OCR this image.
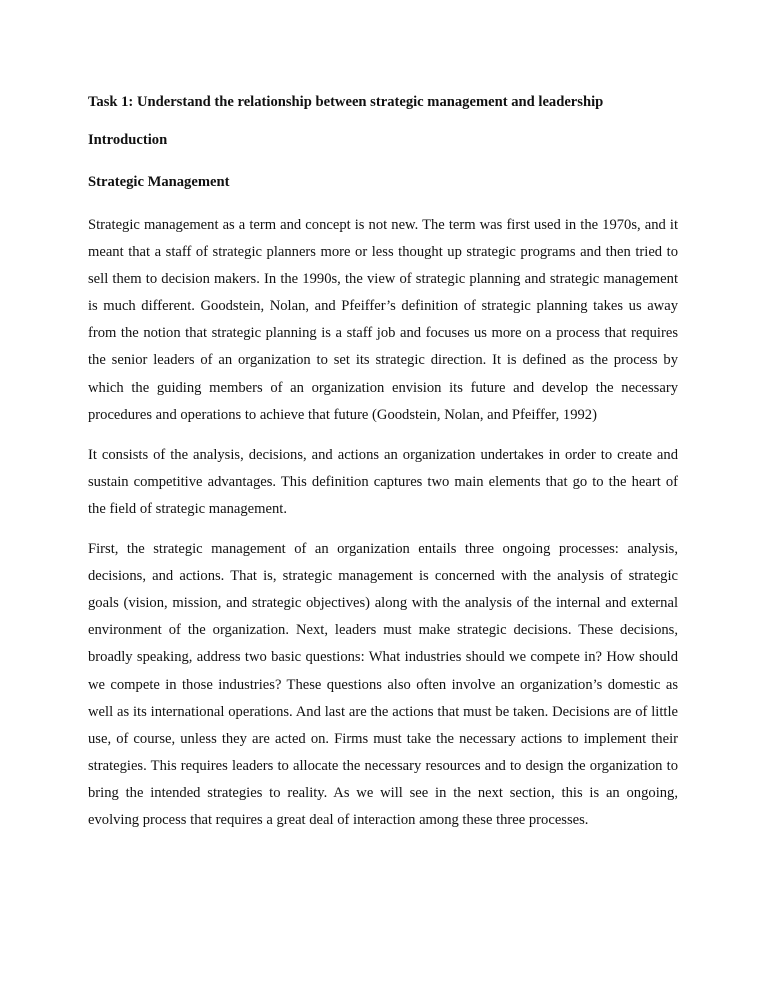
Task 1: Understand the relationship between strategic management and leadership
Introduction
Strategic Management

Strategic management as a term and concept is not new. The term was first used in the 1970s, and it meant that a staff of strategic planners more or less thought up strategic programs and then tried to sell them to decision makers. In the 1990s, the view of strategic planning and strategic management is much different. Goodstein, Nolan, and Pfeiffer’s definition of strategic planning takes us away from the notion that strategic planning is a staff job and focuses us more on a process that requires the senior leaders of an organization to set its strategic direction. It is defined as the process by which the guiding members of an organization envision its future and develop the necessary procedures and operations to achieve that future (Goodstein, Nolan, and Pfeiffer, 1992)

It consists of the analysis, decisions, and actions an organization undertakes in order to create and sustain competitive advantages. This definition captures two main elements that go to the heart of the field of strategic management.

First, the strategic management of an organization entails three ongoing processes: analysis, decisions, and actions. That is, strategic management is concerned with the analysis of strategic goals (vision, mission, and strategic objectives) along with the analysis of the internal and external environment of the organization. Next, leaders must make strategic decisions. These decisions, broadly speaking, address two basic questions: What industries should we compete in? How should we compete in those industries? These questions also often involve an organization’s domestic as well as its international operations. And last are the actions that must be taken. Decisions are of little use, of course, unless they are acted on. Firms must take the necessary actions to implement their strategies. This requires leaders to allocate the necessary resources and to design the organization to bring the intended strategies to reality. As we will see in the next section, this is an ongoing, evolving process that requires a great deal of interaction among these three processes.
